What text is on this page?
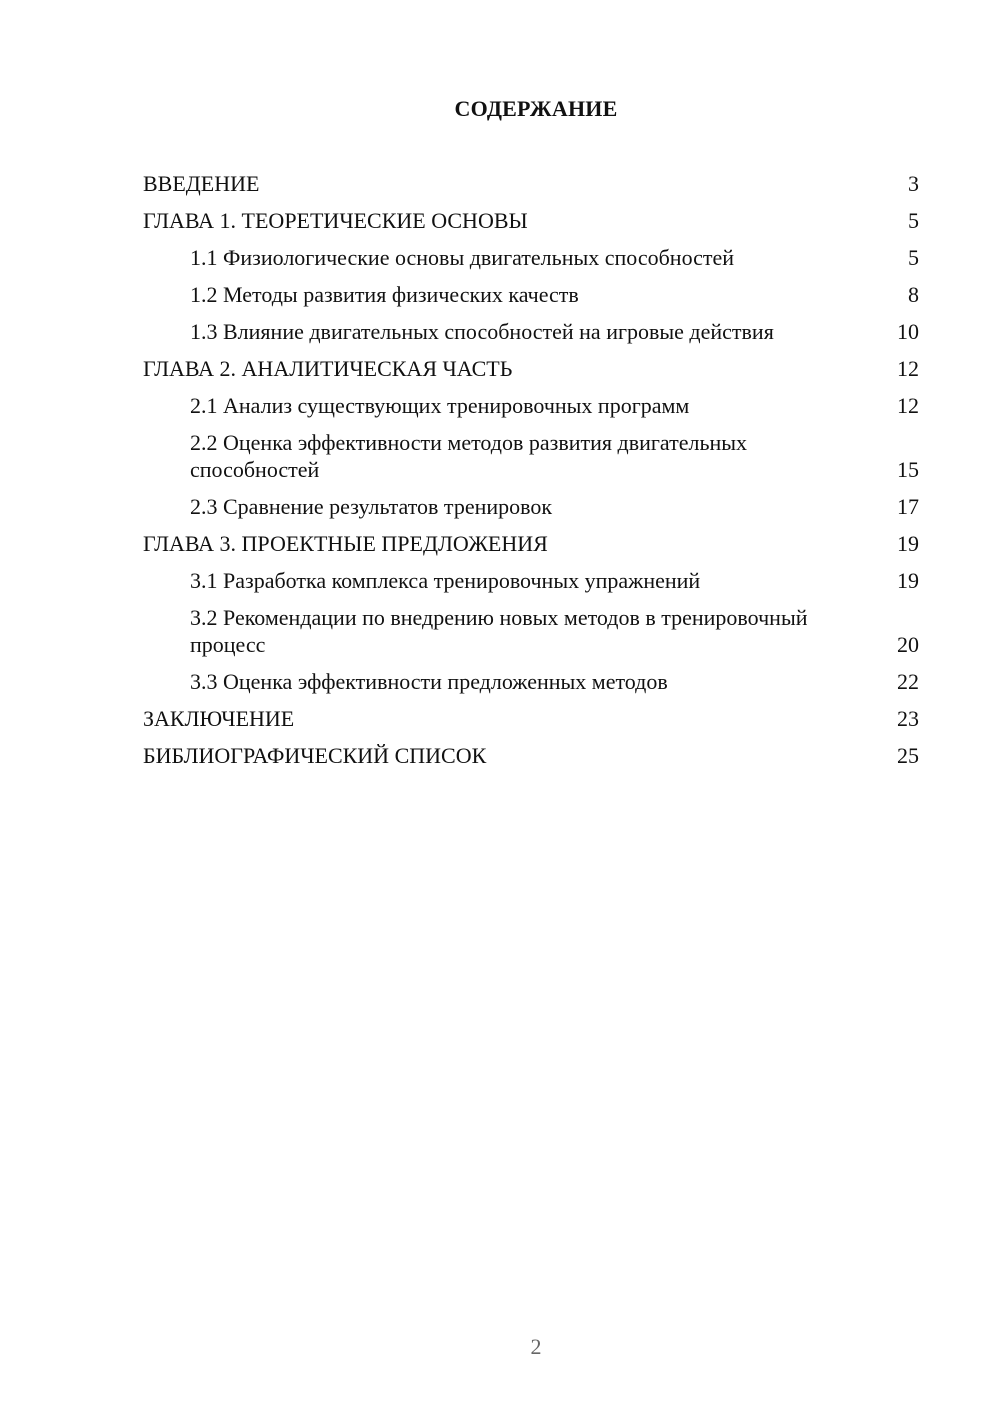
СОДЕРЖАНИЕ
ВВЕДЕНИЕ	3
ГЛАВА 1. ТЕОРЕТИЧЕСКИЕ ОСНОВЫ	5
1.1 Физиологические основы двигательных способностей	5
1.2 Методы развития физических качеств	8
1.3 Влияние двигательных способностей на игровые действия	10
ГЛАВА 2. АНАЛИТИЧЕСКАЯ ЧАСТЬ	12
2.1 Анализ существующих тренировочных программ	12
2.2 Оценка эффективности методов развития двигательных способностей	15
2.3 Сравнение результатов тренировок	17
ГЛАВА 3. ПРОЕКТНЫЕ ПРЕДЛОЖЕНИЯ	19
3.1 Разработка комплекса тренировочных упражнений	19
3.2 Рекомендации по внедрению новых методов в тренировочный процесс	20
3.3 Оценка эффективности предложенных методов	22
ЗАКЛЮЧЕНИЕ	23
БИБЛИОГРАФИЧЕСКИЙ СПИСОК	25
2
